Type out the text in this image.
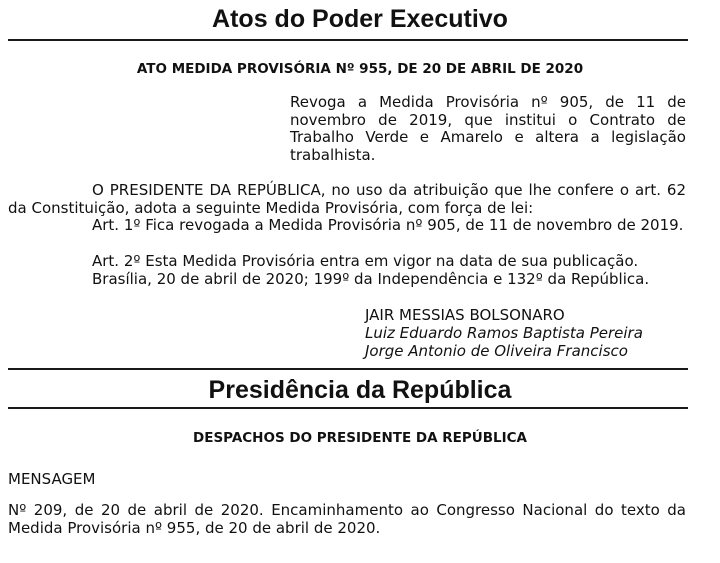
Atos do Poder Executivo
ATO MEDIDA PROVISÓRIA Nº 955, DE 20 DE ABRIL DE 2020
Revoga a Medida Provisória nº 905, de 11 de novembro de 2019, que institui o Contrato de Trabalho Verde e Amarelo e altera a legislação trabalhista.
O PRESIDENTE DA REPÚBLICA, no uso da atribuição que lhe confere o art. 62 da Constituição, adota a seguinte Medida Provisória, com força de lei:
Art. 1º Fica revogada a Medida Provisória nº 905, de 11 de novembro de 2019.
Art. 2º Esta Medida Provisória entra em vigor na data de sua publicação.
Brasília, 20 de abril de 2020; 199º da Independência e 132º da República.
JAIR MESSIAS BOLSONARO
Luiz Eduardo Ramos Baptista Pereira
Jorge Antonio de Oliveira Francisco
Presidência da República
DESPACHOS DO PRESIDENTE DA REPÚBLICA
MENSAGEM
Nº 209, de 20 de abril de 2020. Encaminhamento ao Congresso Nacional do texto da Medida Provisória nº 955, de 20 de abril de 2020.
